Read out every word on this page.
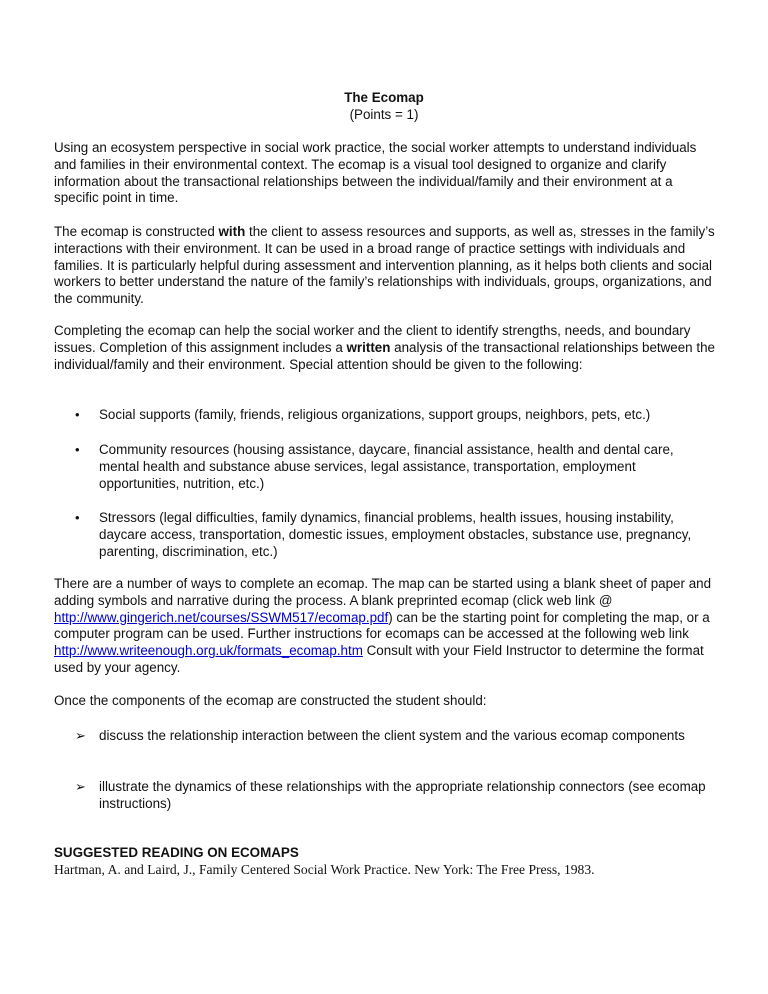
The Ecomap
(Points = 1)

Using an ecosystem perspective in social work practice, the social worker attempts to understand individuals and families in their environmental context. The ecomap is a visual tool designed to organize and clarify information about the transactional relationships between the individual/family and their environment at a specific point in time.

The ecomap is constructed with the client to assess resources and supports, as well as, stresses in the family’s interactions with their environment. It can be used in a broad range of practice settings with individuals and families. It is particularly helpful during assessment and intervention planning, as it helps both clients and social workers to better understand the nature of the family’s relationships with individuals, groups, organizations, and the community.

Completing the ecomap can help the social worker and the client to identify strengths, needs, and boundary issues. Completion of this assignment includes a written analysis of the transactional relationships between the individual/family and their environment. Special attention should be given to the following:

• Social supports (family, friends, religious organizations, support groups, neighbors, pets, etc.)
• Community resources (housing assistance, daycare, financial assistance, health and dental care, mental health and substance abuse services, legal assistance, transportation, employment opportunities, nutrition, etc.)
• Stressors (legal difficulties, family dynamics, financial problems, health issues, housing instability, daycare access, transportation, domestic issues, employment obstacles, substance use, pregnancy, parenting, discrimination, etc.)

There are a number of ways to complete an ecomap. The map can be started using a blank sheet of paper and adding symbols and narrative during the process. A blank preprinted ecomap (click web link @ http://www.gingerich.net/courses/SSWM517/ecomap.pdf) can be the starting point for completing the map, or a computer program can be used. Further instructions for ecomaps can be accessed at the following web link http://www.writeenough.org.uk/formats_ecomap.htm Consult with your Field Instructor to determine the format used by your agency.

Once the components of the ecomap are constructed the student should:

➢ discuss the relationship interaction between the client system and the various ecomap components
➢ illustrate the dynamics of these relationships with the appropriate relationship connectors (see ecomap instructions)
SUGGESTED READING ON ECOMAPS
Hartman, A. and Laird, J., Family Centered Social Work Practice. New York: The Free Press, 1983.
